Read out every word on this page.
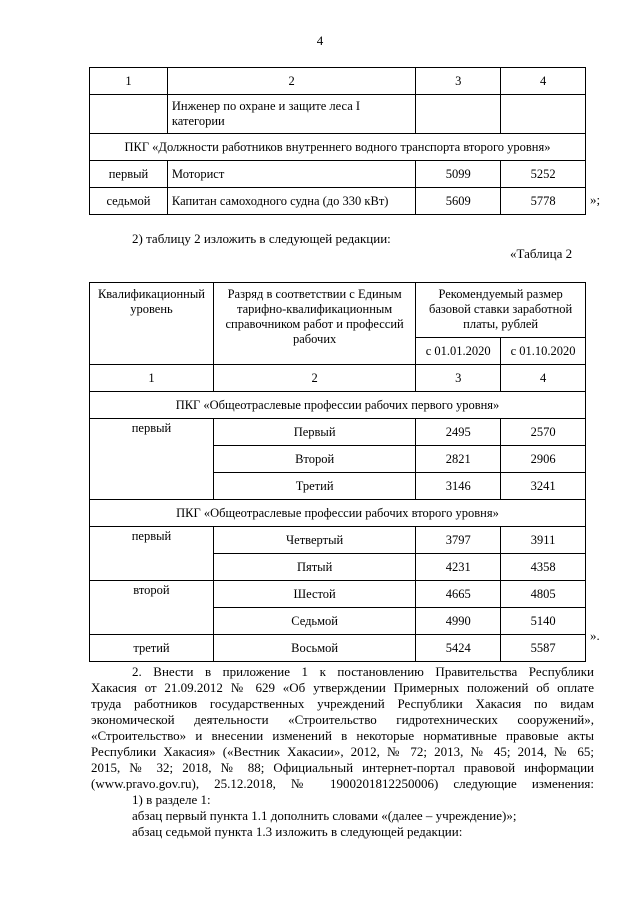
4
1	2	3	4
	Инженер по охране и защите леса I категории		
ПКГ «Должности работников внутреннего водного транспорта второго уровня»			
первый	Моторист	5099	5252
седьмой	Капитан самоходного судна (до 330 кВт)	5609	5778	»;
2) таблицу 2 изложить в следующей редакции:
«Таблица 2
Квалификационный уровень	Разряд в соответствии с Единым тарифно-квалификационным справочником работ и профессий рабочих	Рекомендуемый размер базовой ставки заработной платы, рублей	
		с 01.01.2020	с 01.10.2020
1	2	3	4
ПКГ «Общеотраслевые профессии рабочих первого уровня»			
первый	Первый	2495	2570
	Второй	2821	2906
	Третий	3146	3241
ПКГ «Общеотраслевые профессии рабочих второго уровня»			
первый	Четвертый	3797	3911
	Пятый	4231	4358
второй	Шестой	4665	4805
	Седьмой	4990	5140
третий	Восьмой	5424	5587
».
2. Внести в приложение 1 к постановлению Правительства Республики
Хакасия от 21.09.2012 № 629 «Об утверждении Примерных положений об оплате
труда работников государственных учреждений Республики Хакасия по видам
экономической деятельности «Строительство гидротехнических сооружений»,
«Строительство» и внесении изменений в некоторые нормативные правовые акты
Республики Хакасия» («Вестник Хакасии», 2012, № 72; 2013, № 45; 2014, № 65;
2015, № 32; 2018, № 88; Официальный интернет-портал правовой информации
(www.pravo.gov.ru), 25.12.2018, № 1900201812250006) следующие изменения:
1) в разделе 1:
абзац первый пункта 1.1 дополнить словами «(далее – учреждение)»;
абзац седьмой пункта 1.3 изложить в следующей редакции:
